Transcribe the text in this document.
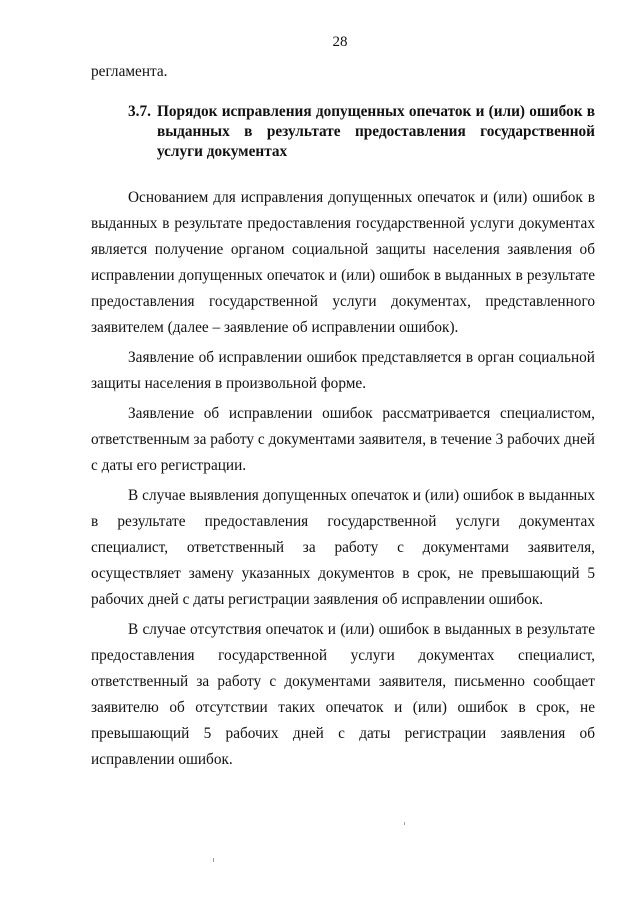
28

регламента.

3.7. Порядок исправления допущенных опечаток и (или) ошибок в выданных в результате предоставления государственной услуги документах

Основанием для исправления допущенных опечаток и (или) ошибок в выданных в результате предоставления государственной услуги документах является получение органом социальной защиты населения заявления об исправлении допущенных опечаток и (или) ошибок в выданных в результате предоставления государственной услуги документах, представленного заявителем (далее – заявление об исправлении ошибок).

Заявление об исправлении ошибок представляется в орган социальной защиты населения в произвольной форме.

Заявление об исправлении ошибок рассматривается специалистом, ответственным за работу с документами заявителя, в течение 3 рабочих дней с даты его регистрации.

В случае выявления допущенных опечаток и (или) ошибок в выданных в результате предоставления государственной услуги документах специалист, ответственный за работу с документами заявителя, осуществляет замену указанных документов в срок, не превышающий 5 рабочих дней с даты регистрации заявления об исправлении ошибок.

В случае отсутствия опечаток и (или) ошибок в выданных в результате предоставления государственной услуги документах специалист, ответственный за работу с документами заявителя, письменно сообщает заявителю об отсутствии таких опечаток и (или) ошибок в срок, не превышающий 5 рабочих дней с даты регистрации заявления об исправлении ошибок.
